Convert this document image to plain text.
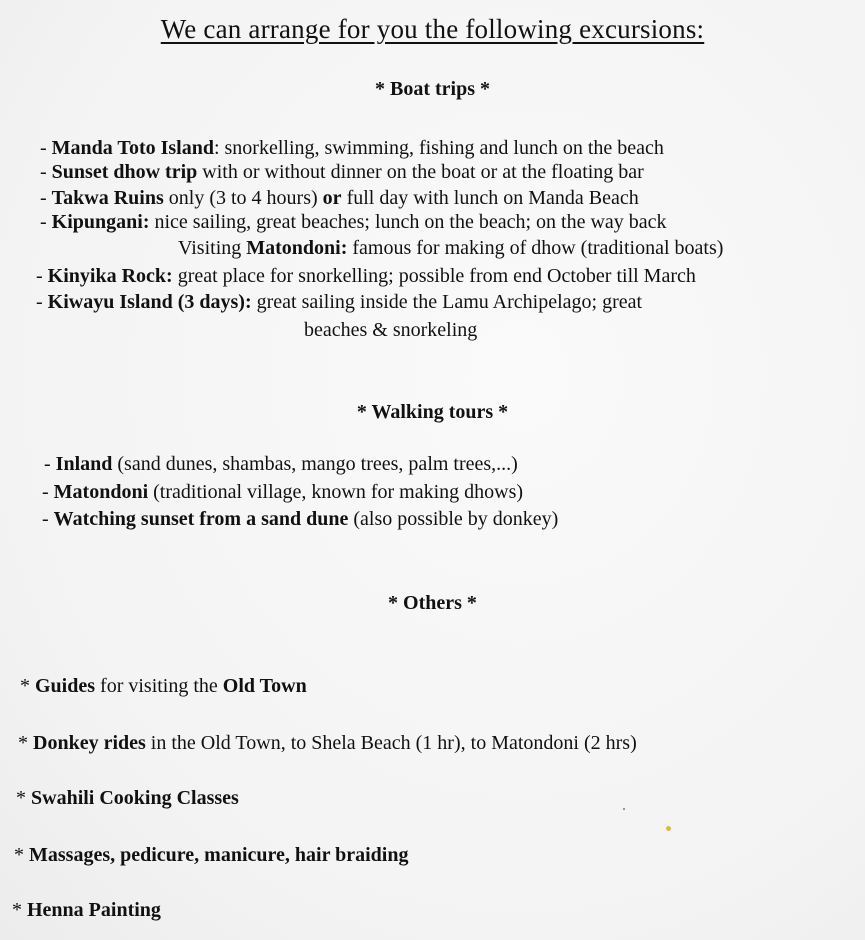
We can arrange for you the following excursions:
* Boat trips *
- Manda Toto Island: snorkelling, swimming, fishing and lunch on the beach
- Sunset dhow trip with or without dinner on the boat or at the floating bar
- Takwa Ruins only (3 to 4 hours) or full day with lunch on Manda Beach
- Kipungani: nice sailing, great beaches; lunch on the beach; on the way back
Visiting Matondoni: famous for making of dhow (traditional boats)
- Kinyika Rock: great place for snorkelling; possible from end October till March
- Kiwayu Island (3 days): great sailing inside the Lamu Archipelago; great
beaches & snorkeling
* Walking tours *
- Inland (sand dunes, shambas, mango trees, palm trees,...)
- Matondoni (traditional village, known for making dhows)
- Watching sunset from a sand dune (also possible by donkey)
* Others *
* Guides for visiting the Old Town
* Donkey rides in the Old Town, to Shela Beach (1 hr), to Matondoni (2 hrs)
* Swahili Cooking Classes
* Massages, pedicure, manicure, hair braiding
* Henna Painting
